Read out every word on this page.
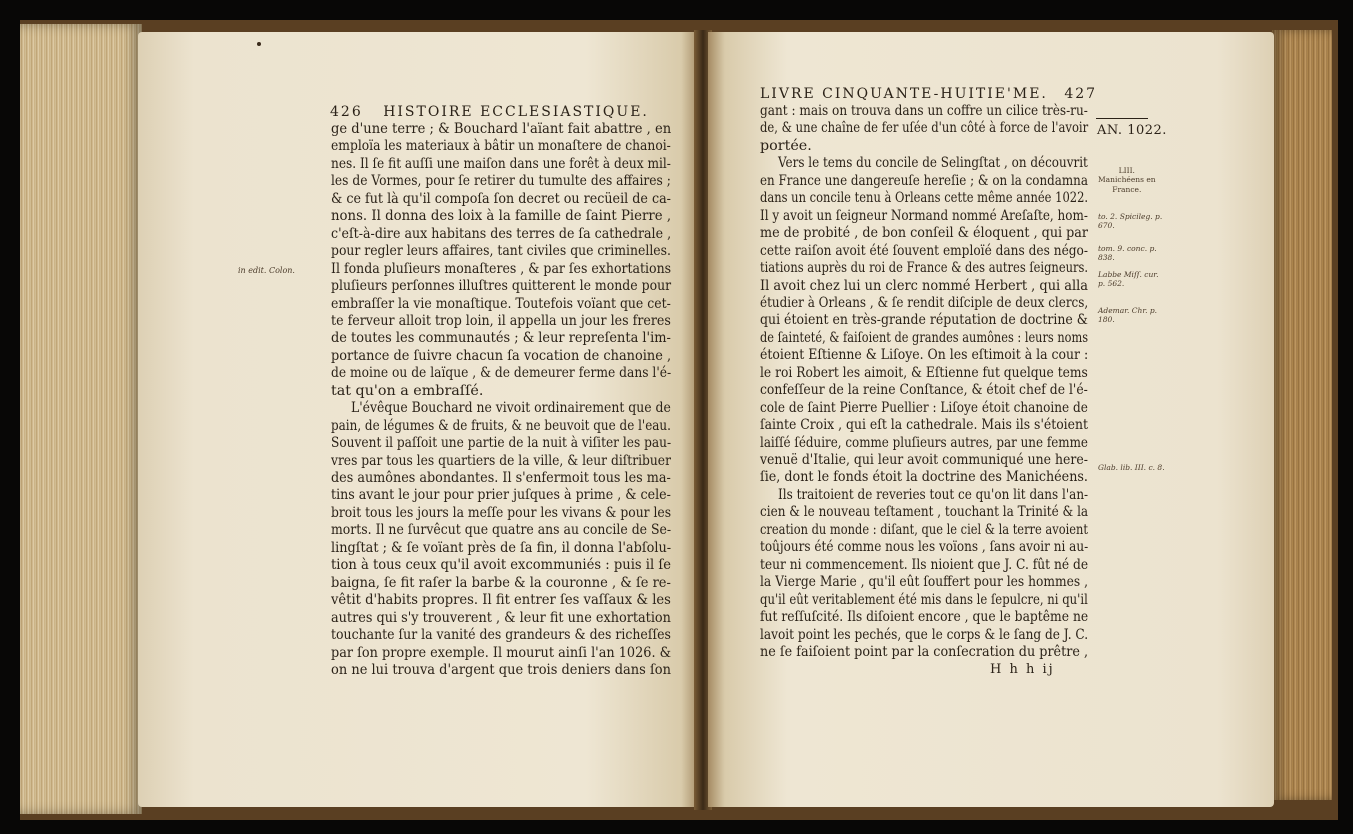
426 HISTOIRE ECCLESIASTIQUE.
in edit. Colon.
ge d'une terre ; & Bouchard l'aïant fait abattre , en
emploïa les materiaux à bâtir un monaſtere de chanoi-
nes. Il ſe fit auſſi une maiſon dans une forêt à deux mil-
les de Vormes, pour ſe retirer du tumulte des affaires ;
& ce fut là qu'il compoſa ſon decret ou recüeil de ca-
nons. Il donna des loix à la famille de ſaint Pierre ,
c'eſt-à-dire aux habitans des terres de ſa cathedrale ,
pour regler leurs affaires, tant civiles que criminelles.
Il fonda pluſieurs monaſteres , & par ſes exhortations
pluſieurs perſonnes illuſtres quitterent le monde pour
embraſſer la vie monaſtique. Toutefois voïant que cet-
te ferveur alloit trop loin, il appella un jour les freres
de toutes les communautés ; & leur repreſenta l'im-
portance de ſuivre chacun ſa vocation de chanoine ,
de moine ou de laïque , & de demeurer ferme dans l'é-
tat qu'on a embraſſé.
L'évêque Bouchard ne vivoit ordinairement que de
pain, de légumes & de fruits, & ne beuvoit que de l'eau.
Souvent il paſſoit une partie de la nuit à viſiter les pau-
vres par tous les quartiers de la ville, & leur diſtribuer
des aumônes abondantes. Il s'enfermoit tous les ma-
tins avant le jour pour prier juſques à prime , & cele-
broit tous les jours la meſſe pour les vivans & pour les
morts. Il ne ſurvêcut que quatre ans au concile de Se-
lingſtat ; & ſe voïant près de ſa fin, il donna l'abſolu-
tion à tous ceux qu'il avoit excommuniés : puis il ſe
baigna, ſe fit raſer la barbe & la couronne , & ſe re-
vêtit d'habits propres. Il fit entrer ſes vaſſaux & les
autres qui s'y trouverent , & leur fit une exhortation
touchante ſur la vanité des grandeurs & des richeſſes
par ſon propre exemple. Il mourut ainſi l'an 1026. &
on ne lui trouva d'argent que trois deniers dans ſon
LIVRE CINQUANTE-HUITIE'ME. 427
AN. 1022.
gant : mais on trouva dans un coffre un cilice très-ru-
de, & une chaîne de fer uſée d'un côté à force de l'avoir
portée.
Vers le tems du concile de Selingſtat , on découvrit
en France une dangereuſe hereſie ; & on la condamna
dans un concile tenu à Orleans cette même année 1022.
Il y avoit un ſeigneur Normand nommé Areſaſte, hom-
me de probité , de bon conſeil & éloquent , qui par
cette raiſon avoit été ſouvent emploïé dans des négo-
tiations auprès du roi de France & des autres ſeigneurs.
Il avoit chez lui un clerc nommé Herbert , qui alla
étudier à Orleans , & ſe rendit diſciple de deux clercs,
qui étoient en très-grande réputation de doctrine &
de ſainteté, & faiſoient de grandes aumônes : leurs noms
étoient Eſtienne & Liſoye. On les eſtimoit à la cour :
le roi Robert les aimoit, & Eſtienne fut quelque tems
confeſſeur de la reine Conſtance, & étoit chef de l'é-
cole de ſaint Pierre Puellier : Liſoye étoit chanoine de
ſainte Croix , qui eſt la cathedrale. Mais ils s'étoient
laiſſé ſéduire, comme pluſieurs autres, par une femme
venuë d'Italie, qui leur avoit communiqué une here-
ſie, dont le fonds étoit la doctrine des Manichéens.
Ils traitoient de reveries tout ce qu'on lit dans l'an-
cien & le nouveau teſtament , touchant la Trinité & la
creation du monde : diſant, que le ciel & la terre avoient
toûjours été comme nous les voïons , ſans avoir ni au-
teur ni commencement. Ils nioient que J. C. fût né de
la Vierge Marie , qu'il eût ſouffert pour les hommes ,
qu'il eût veritablement été mis dans le ſepulcre, ni qu'il
fut reſſuſcité. Ils diſoient encore , que le baptême ne
lavoit point les pechés, que le corps & le ſang de J. C.
ne ſe faiſoient point par la conſecration du prêtre ,
LIII.
Manichéens en
France.
to. 2. Spicileg. p.
670.
tom. 9. conc. p.
838.
Labbe Miſſ. cur.
p. 562.
Ademar. Chr. p.
180.
Glab. lib. III. c. 8.
H h h ij
